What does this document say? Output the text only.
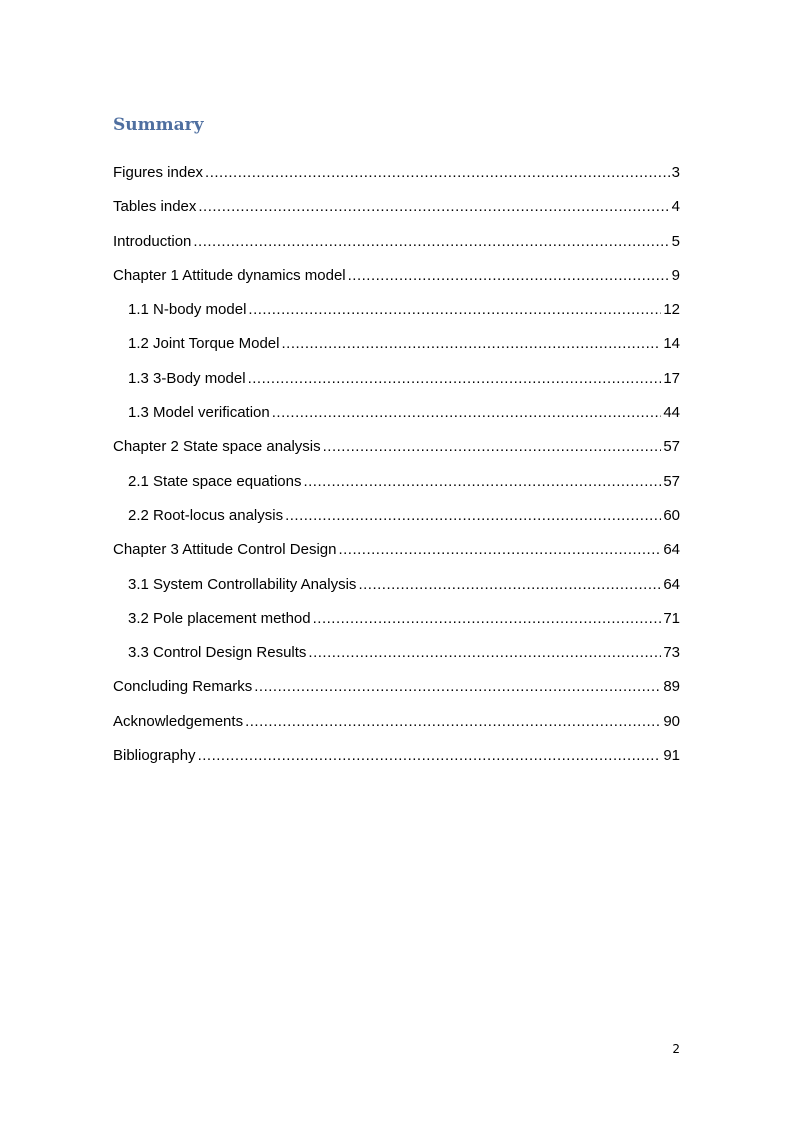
Summary
Figures index .....	3
Tables index .....	4
Introduction .....	5
Chapter 1 Attitude dynamics model .....	9
1.1 N-body model .....	12
1.2 Joint Torque Model .....	14
1.3 3-Body model .....	17
1.3 Model verification .....	44
Chapter 2 State space analysis .....	57
2.1 State space equations .....	57
2.2 Root-locus analysis .....	60
Chapter 3 Attitude Control Design .....	64
3.1 System Controllability Analysis .....	64
3.2 Pole placement method .....	71
3.3 Control Design Results .....	73
Concluding Remarks .....	89
Acknowledgements .....	90
Bibliography .....	91

2
